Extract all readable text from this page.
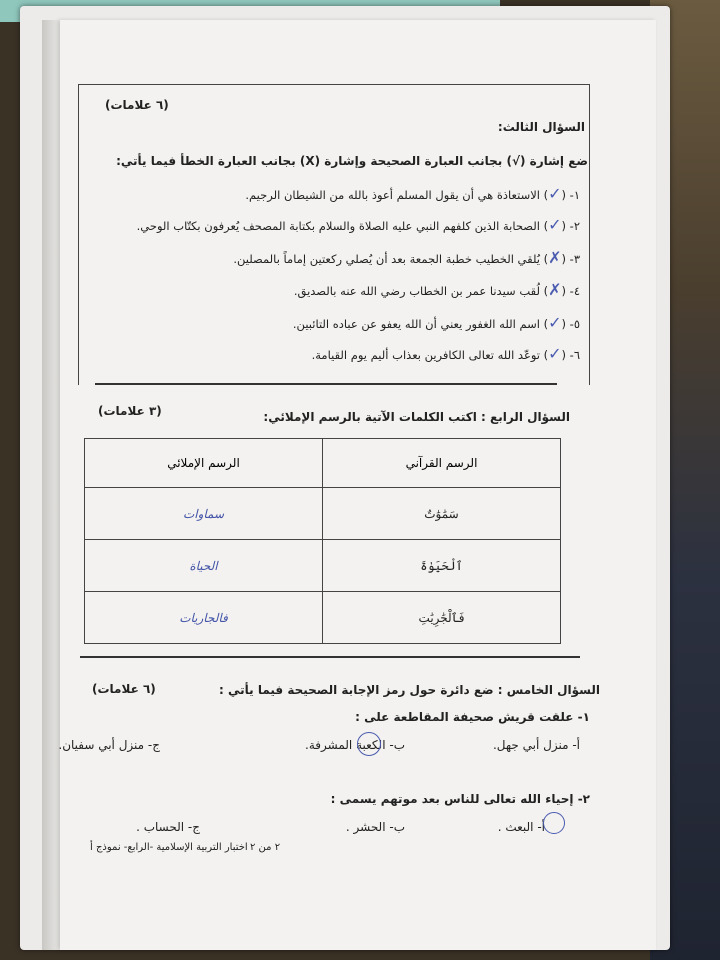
السؤال الثالث:
(٦ علامات)
ضع إشارة (√) بجانب العبارة الصحيحة وإشارة (X) بجانب العبارة الخطأ فيما يأتي:
١- (✓) الاستعاذة هي أن يقول المسلم أعوذ بالله من الشيطان الرجيم.
٢- (✓) الصحابة الذين كلفهم النبي عليه الصلاة والسلام بكتابة المصحف يُعرفون بكتّاب الوحي.
٣- (✗) يُلقي الخطيب خطبة الجمعة بعد أن يُصلي ركعتين إماماً بالمصلين.
٤- (✗) لُقب سيدنا عمر بن الخطاب رضي الله عنه بالصديق.
٥- (✓) اسم الله الغفور يعني أن الله يعفو عن عباده التائبين.
٦- (✓) توعّد الله تعالى الكافرين بعذاب أليم يوم القيامة.
السؤال الرابع : اكتب الكلمات الآتية بالرسم الإملائي:
(٣ علامات)
الرسم القرآني	الرسم الإملائي
سَمَٰوَٰتٌ	سماوات
ٱلْحَيَوٰةَ	الحياة
فَٱلْجَٰرِيَٰتِ	فالجاريات
السؤال الخامس : ضع دائرة حول رمز الإجابة الصحيحة فيما يأتي :
(٦ علامات)
١- علقت قريش صحيفة المقاطعة على :
أ- منزل أبي جهل.
ب- الكعبة المشرفة.
ج- منزل أبي سفيان.
٢- إحياء الله تعالى للناس بعد موتهم يسمى :
أ- البعث .
ب- الحشر .
ج- الحساب .
٢ من ٢
اختبار التربية الإسلامية -الرابع- نموذج أ
